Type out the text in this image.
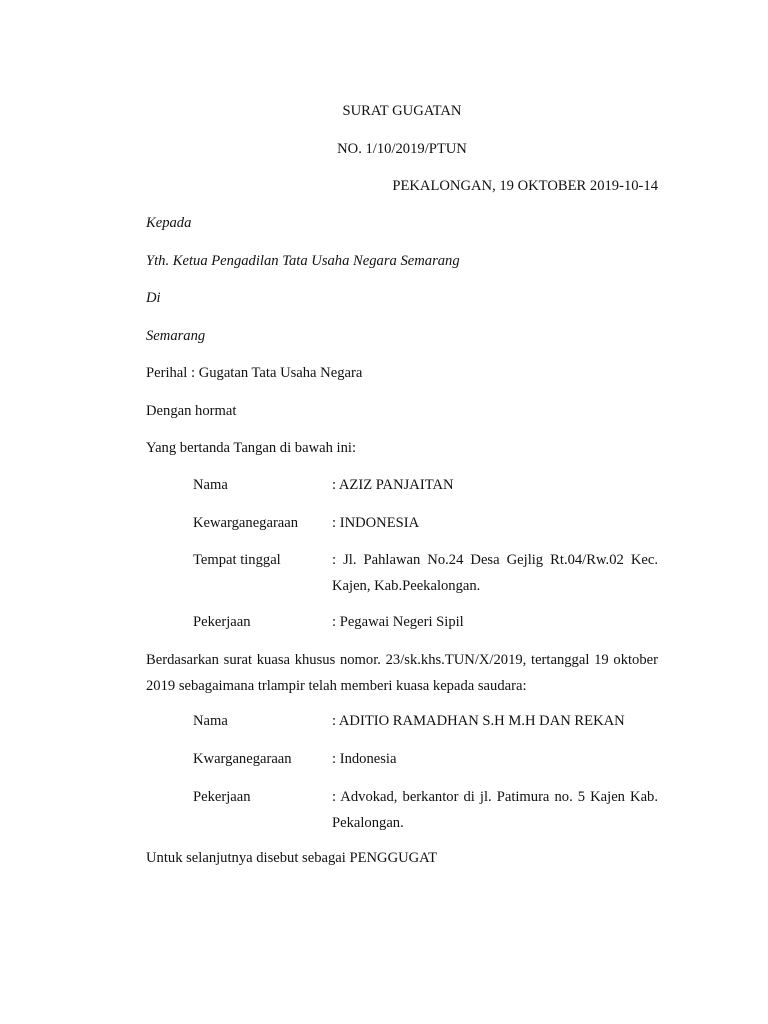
SURAT GUGATAN
NO. 1/10/2019/PTUN
PEKALONGAN, 19 OKTOBER 2019-10-14
Kepada
Yth. Ketua Pengadilan Tata Usaha Negara Semarang
Di
Semarang
Perihal : Gugatan Tata Usaha Negara
Dengan hormat
Yang bertanda Tangan di bawah ini:
Nama	: AZIZ PANJAITAN
Kewarganegaraan : INDONESIA
Tempat tinggal	: Jl. Pahlawan No.24 Desa Gejlig Rt.04/Rw.02 Kec. Kajen, Kab.Peekalongan.
Pekerjaan	: Pegawai Negeri Sipil
Berdasarkan surat kuasa khusus nomor. 23/sk.khs.TUN/X/2019, tertanggal 19 oktober 2019 sebagaimana trlampir telah memberi kuasa kepada saudara:
Nama	: ADITIO RAMADHAN S.H M.H DAN REKAN
Kwarganegaraan	: Indonesia
Pekerjaan	: Advokad, berkantor di jl. Patimura no. 5 Kajen Kab. Pekalongan.
Untuk selanjutnya disebut sebagai PENGGUGAT
